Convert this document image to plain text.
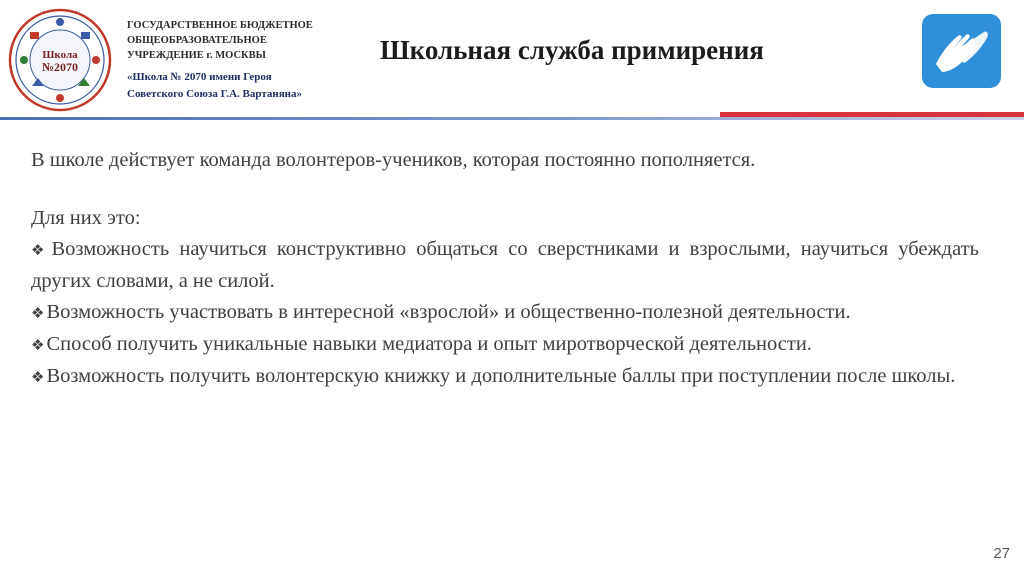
Школа
№2070
ГОСУДАРСТВЕННОЕ БЮДЖЕТНОЕ
ОБЩЕОБРАЗОВАТЕЛЬНОЕ
УЧРЕЖДЕНИЕ г. МОСКВЫ
«Школа № 2070 имени Героя
Советского Союза Г.А. Вартаняна»
Школьная служба примирения

В школе действует команда волонтеров-учеников, которая постоянно пополняется.

Для них это:

❖Возможность научиться конструктивно общаться со сверстниками и взрослыми, научиться убеждать других словами, а не силой.

❖Возможность участвовать в интересной «взрослой» и общественно-полезной деятельности.

❖Способ получить уникальные навыки медиатора и опыт миротворческой деятельности.

❖Возможность получить волонтерскую книжку и дополнительные баллы при поступлении после школы.

27
